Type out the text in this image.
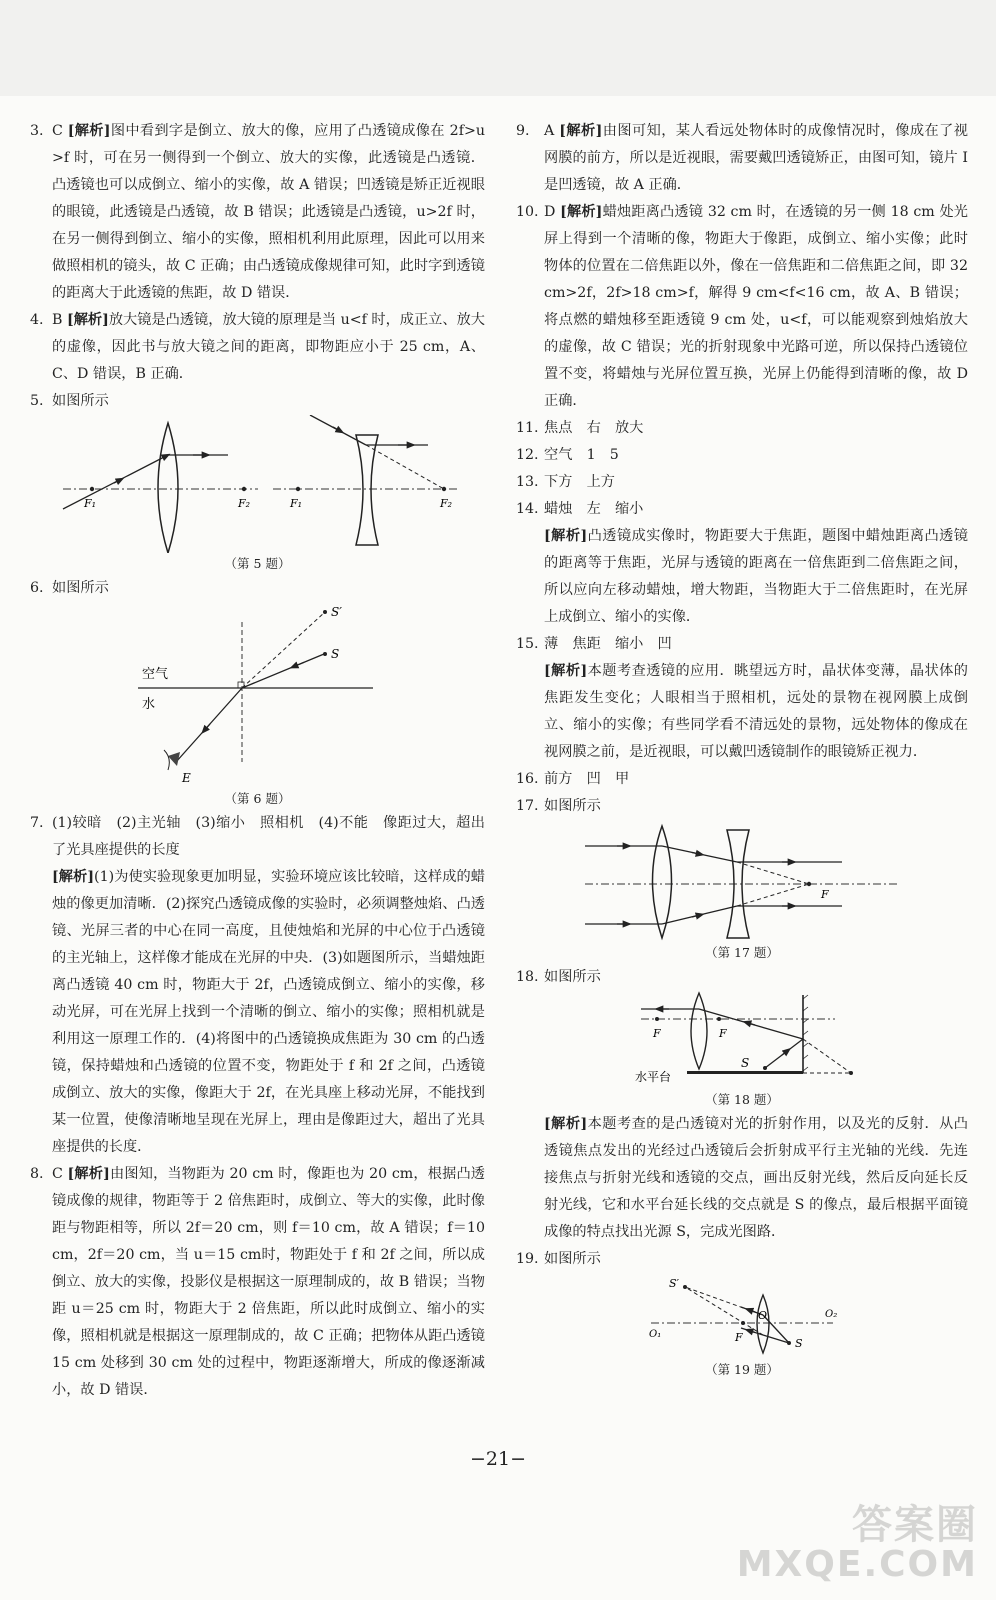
3. C [解析]图中看到字是倒立、放大的像，应用了凸透镜成像在 2f>u>f 时，可在另一侧得到一个倒立、放大的实像，此透镜是凸透镜．凸透镜也可以成倒立、缩小的实像，故 A 错误；凹透镜是矫正近视眼的眼镜，此透镜是凸透镜，故 B 错误；此透镜是凸透镜，u>2f 时，在另一侧得到倒立、缩小的实像，照相机利用此原理，因此可以用来做照相机的镜头，故 C 正确；由凸透镜成像规律可知，此时字到透镜的距离大于此透镜的焦距，故 D 错误．
4. B [解析]放大镜是凸透镜，放大镜的原理是当 u<f 时，成正立、放大的虚像，因此书与放大镜之间的距离，即物距应小于 25 cm，A、C、D 错误，B 正确．
5. 如图所示
F₁	F₂	F₁	F₂
（第 5 题）
6. 如图所示
空气
水
S
S′
E
（第 6 题）
7. (1)较暗　(2)主光轴　(3)缩小　照相机　(4)不能　像距过大，超出了光具座提供的长度
[解析](1)为使实验现象更加明显，实验环境应该比较暗，这样成的蜡烛的像更加清晰．(2)探究凸透镜成像的实验时，必须调整烛焰、凸透镜、光屏三者的中心在同一高度，且使烛焰和光屏的中心位于凸透镜的主光轴上，这样像才能成在光屏的中央．(3)如题图所示，当蜡烛距离凸透镜 40 cm 时，物距大于 2f，凸透镜成倒立、缩小的实像，移动光屏，可在光屏上找到一个清晰的倒立、缩小的实像；照相机就是利用这一原理工作的．(4)将图中的凸透镜换成焦距为 30 cm 的凸透镜，保持蜡烛和凸透镜的位置不变，物距处于 f 和 2f 之间，凸透镜成倒立、放大的实像，像距大于 2f，在光具座上移动光屏，不能找到某一位置，使像清晰地呈现在光屏上，理由是像距过大，超出了光具座提供的长度．
8. C [解析]由图知，当物距为 20 cm 时，像距也为 20 cm，根据凸透镜成像的规律，物距等于 2 倍焦距时，成倒立、等大的实像，此时像距与物距相等，所以 2f＝20 cm，则 f＝10 cm，故 A 错误；f＝10 cm，2f＝20 cm，当 u＝15 cm时，物距处于 f 和 2f 之间，所以成倒立、放大的实像，投影仪是根据这一原理制成的，故 B 错误；当物距 u＝25 cm 时，物距大于 2 倍焦距，所以此时成倒立、缩小的实像，照相机就是根据这一原理制成的，故 C 正确；把物体从距凸透镜 15 cm 处移到 30 cm 处的过程中，物距逐渐增大，所成的像逐渐减小，故 D 错误．
9.	A [解析]由图可知，某人看远处物体时的成像情况时，像成在了视网膜的前方，所以是近视眼，需要戴凹透镜矫正，由图可知，镜片 Ⅰ 是凹透镜，故 A 正确．
10. D [解析]蜡烛距离凸透镜 32 cm 时，在透镜的另一侧 18 cm 处光屏上得到一个清晰的像，物距大于像距，成倒立、缩小实像；此时物体的位置在二倍焦距以外，像在一倍焦距和二倍焦距之间，即 32 cm>2f，2f>18 cm>f，解得 9 cm<f<16 cm，故 A、B 错误；将点燃的蜡烛移至距透镜 9 cm 处，u<f，可以能观察到烛焰放大的虚像，故 C 错误；光的折射现象中光路可逆，所以保持凸透镜位置不变，将蜡烛与光屏位置互换，光屏上仍能得到清晰的像，故 D 正确．
11. 焦点　右　放大
12. 空气　1　5
13. 下方　上方
14. 蜡烛　左　缩小
[解析]凸透镜成实像时，物距要大于焦距，题图中蜡烛距离凸透镜的距离等于焦距，光屏与透镜的距离在一倍焦距到二倍焦距之间，所以应向左移动蜡烛，增大物距，当物距大于二倍焦距时，在光屏上成倒立、缩小的实像．
15. 薄　焦距　缩小　凹
[解析]本题考查透镜的应用．眺望远方时，晶状体变薄，晶状体的焦距发生变化；人眼相当于照相机，远处的景物在视网膜上成倒立、缩小的实像；有些同学看不清远处的景物，远处物体的像成在视网膜之前，是近视眼，可以戴凹透镜制作的眼镜矫正视力．
16. 前方　凹　甲
17. 如图所示
F
（第 17 题）
18. 如图所示
F	F
S
水平台
（第 18 题）
[解析]本题考查的是凸透镜对光的折射作用，以及光的反射．从凸透镜焦点发出的光经过凸透镜后会折射成平行主光轴的光线．先连接焦点与折射光线和透镜的交点，画出反射光线，然后反向延长反射光线，它和水平台延长线的交点就是 S 的像点，最后根据平面镜成像的特点找出光源 S，完成光图路．
19. 如图所示
S′
S
O
O₁
O₂
F
（第 19 题）
−21−
答案圈
MXQE.COM
